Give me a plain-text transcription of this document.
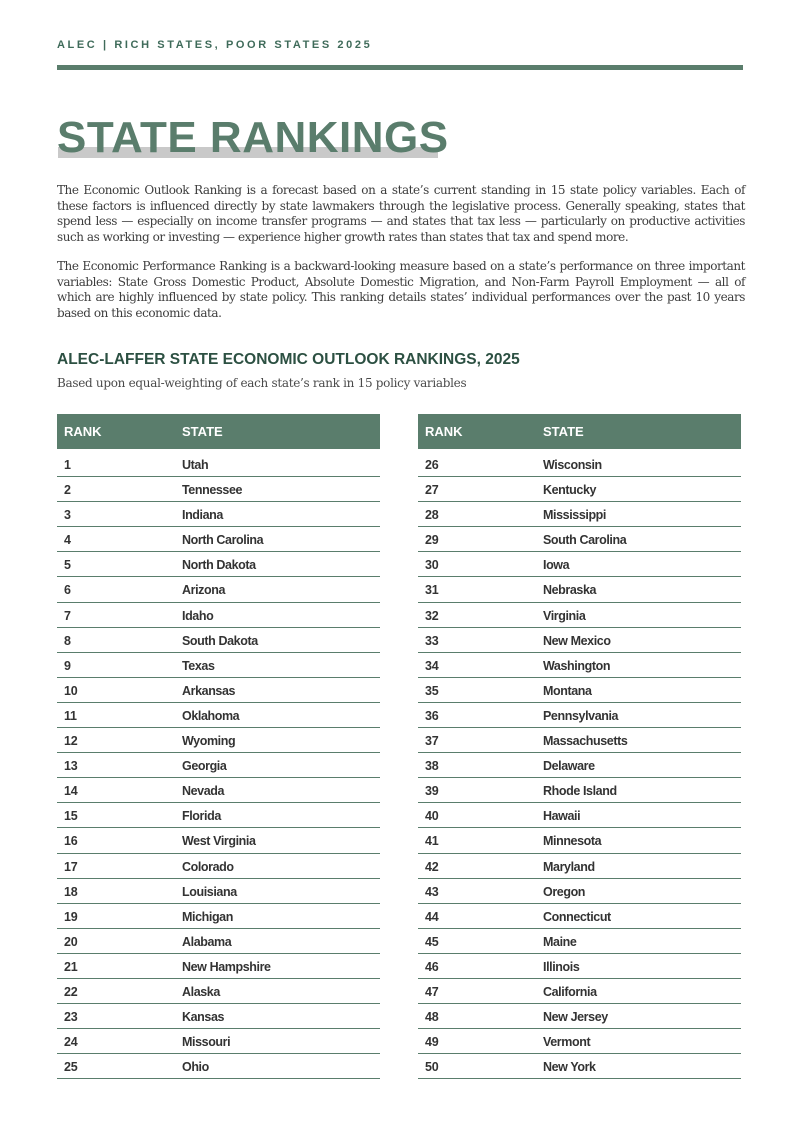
ALEC | RICH STATES, POOR STATES 2025
STATE RANKINGS

The Economic Outlook Ranking is a forecast based on a state’s current standing in 15 state policy variables. Each of these factors is influenced directly by state lawmakers through the legislative process. Generally speaking, states that spend less — especially on income transfer programs — and states that tax less — particularly on productive activities such as working or investing — experience higher growth rates than states that tax and spend more.

The Economic Performance Ranking is a backward-looking measure based on a state’s performance on three important variables: State Gross Domestic Product, Absolute Domestic Migration, and Non-Farm Payroll Employment — all of which are highly influenced by state policy. This ranking details states’ individual performances over the past 10 years based on this economic data.

ALEC-LAFFER STATE ECONOMIC OUTLOOK RANKINGS, 2025

Based upon equal-weighting of each state’s rank in 15 policy variables

RANK	STATE
1	Utah
2	Tennessee
3	Indiana
4	North Carolina
5	North Dakota
6	Arizona
7	Idaho
8	South Dakota
9	Texas
10	Arkansas
11	Oklahoma
12	Wyoming
13	Georgia
14	Nevada
15	Florida
16	West Virginia
17	Colorado
18	Louisiana
19	Michigan
20	Alabama
21	New Hampshire
22	Alaska
23	Kansas
24	Missouri
25	Ohio
RANK	STATE
26	Wisconsin
27	Kentucky
28	Mississippi
29	South Carolina
30	Iowa
31	Nebraska
32	Virginia
33	New Mexico
34	Washington
35	Montana
36	Pennsylvania
37	Massachusetts
38	Delaware
39	Rhode Island
40	Hawaii
41	Minnesota
42	Maryland
43	Oregon
44	Connecticut
45	Maine
46	Illinois
47	California
48	New Jersey
49	Vermont
50	New York
